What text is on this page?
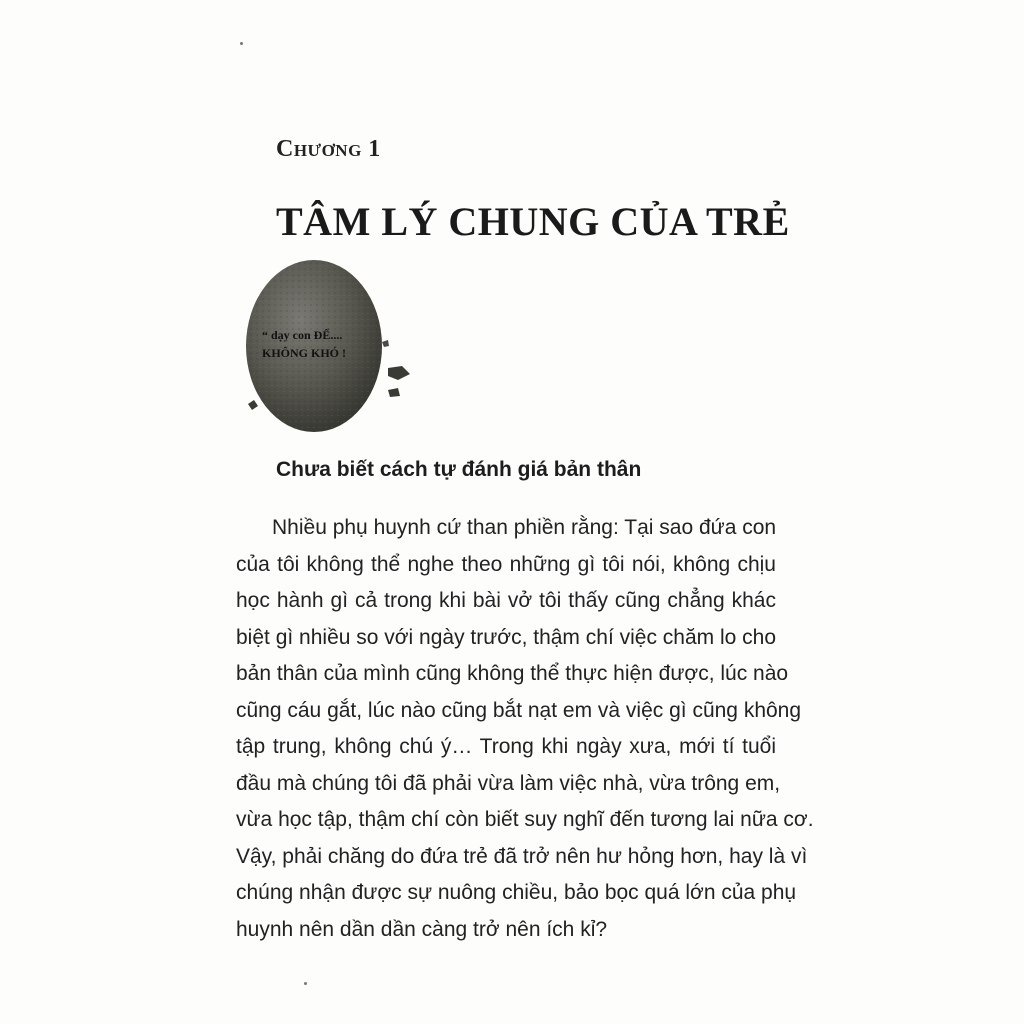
Chương 1
TÂM LÝ CHUNG CỦA TRẺ
“ dạy con ĐỂ....
KHÔNG KHÓ !
Chưa biết cách tự đánh giá bản thân
Nhiều phụ huynh cứ than phiền rằng: Tại sao đứa con
của tôi không thể nghe theo những gì tôi nói, không chịu
học hành gì cả trong khi bài vở tôi thấy cũng chẳng khác
biệt gì nhiều so với ngày trước, thậm chí việc chăm lo cho
bản thân của mình cũng không thể thực hiện được, lúc nào
cũng cáu gắt, lúc nào cũng bắt nạt em và việc gì cũng không
tập trung, không chú ý… Trong khi ngày xưa, mới tí tuổi
đầu mà chúng tôi đã phải vừa làm việc nhà, vừa trông em,
vừa học tập, thậm chí còn biết suy nghĩ đến tương lai nữa cơ.
Vậy, phải chăng do đứa trẻ đã trở nên hư hỏng hơn, hay là vì
chúng nhận được sự nuông chiều, bảo bọc quá lớn của phụ
huynh nên dần dần càng trở nên ích kỉ?
